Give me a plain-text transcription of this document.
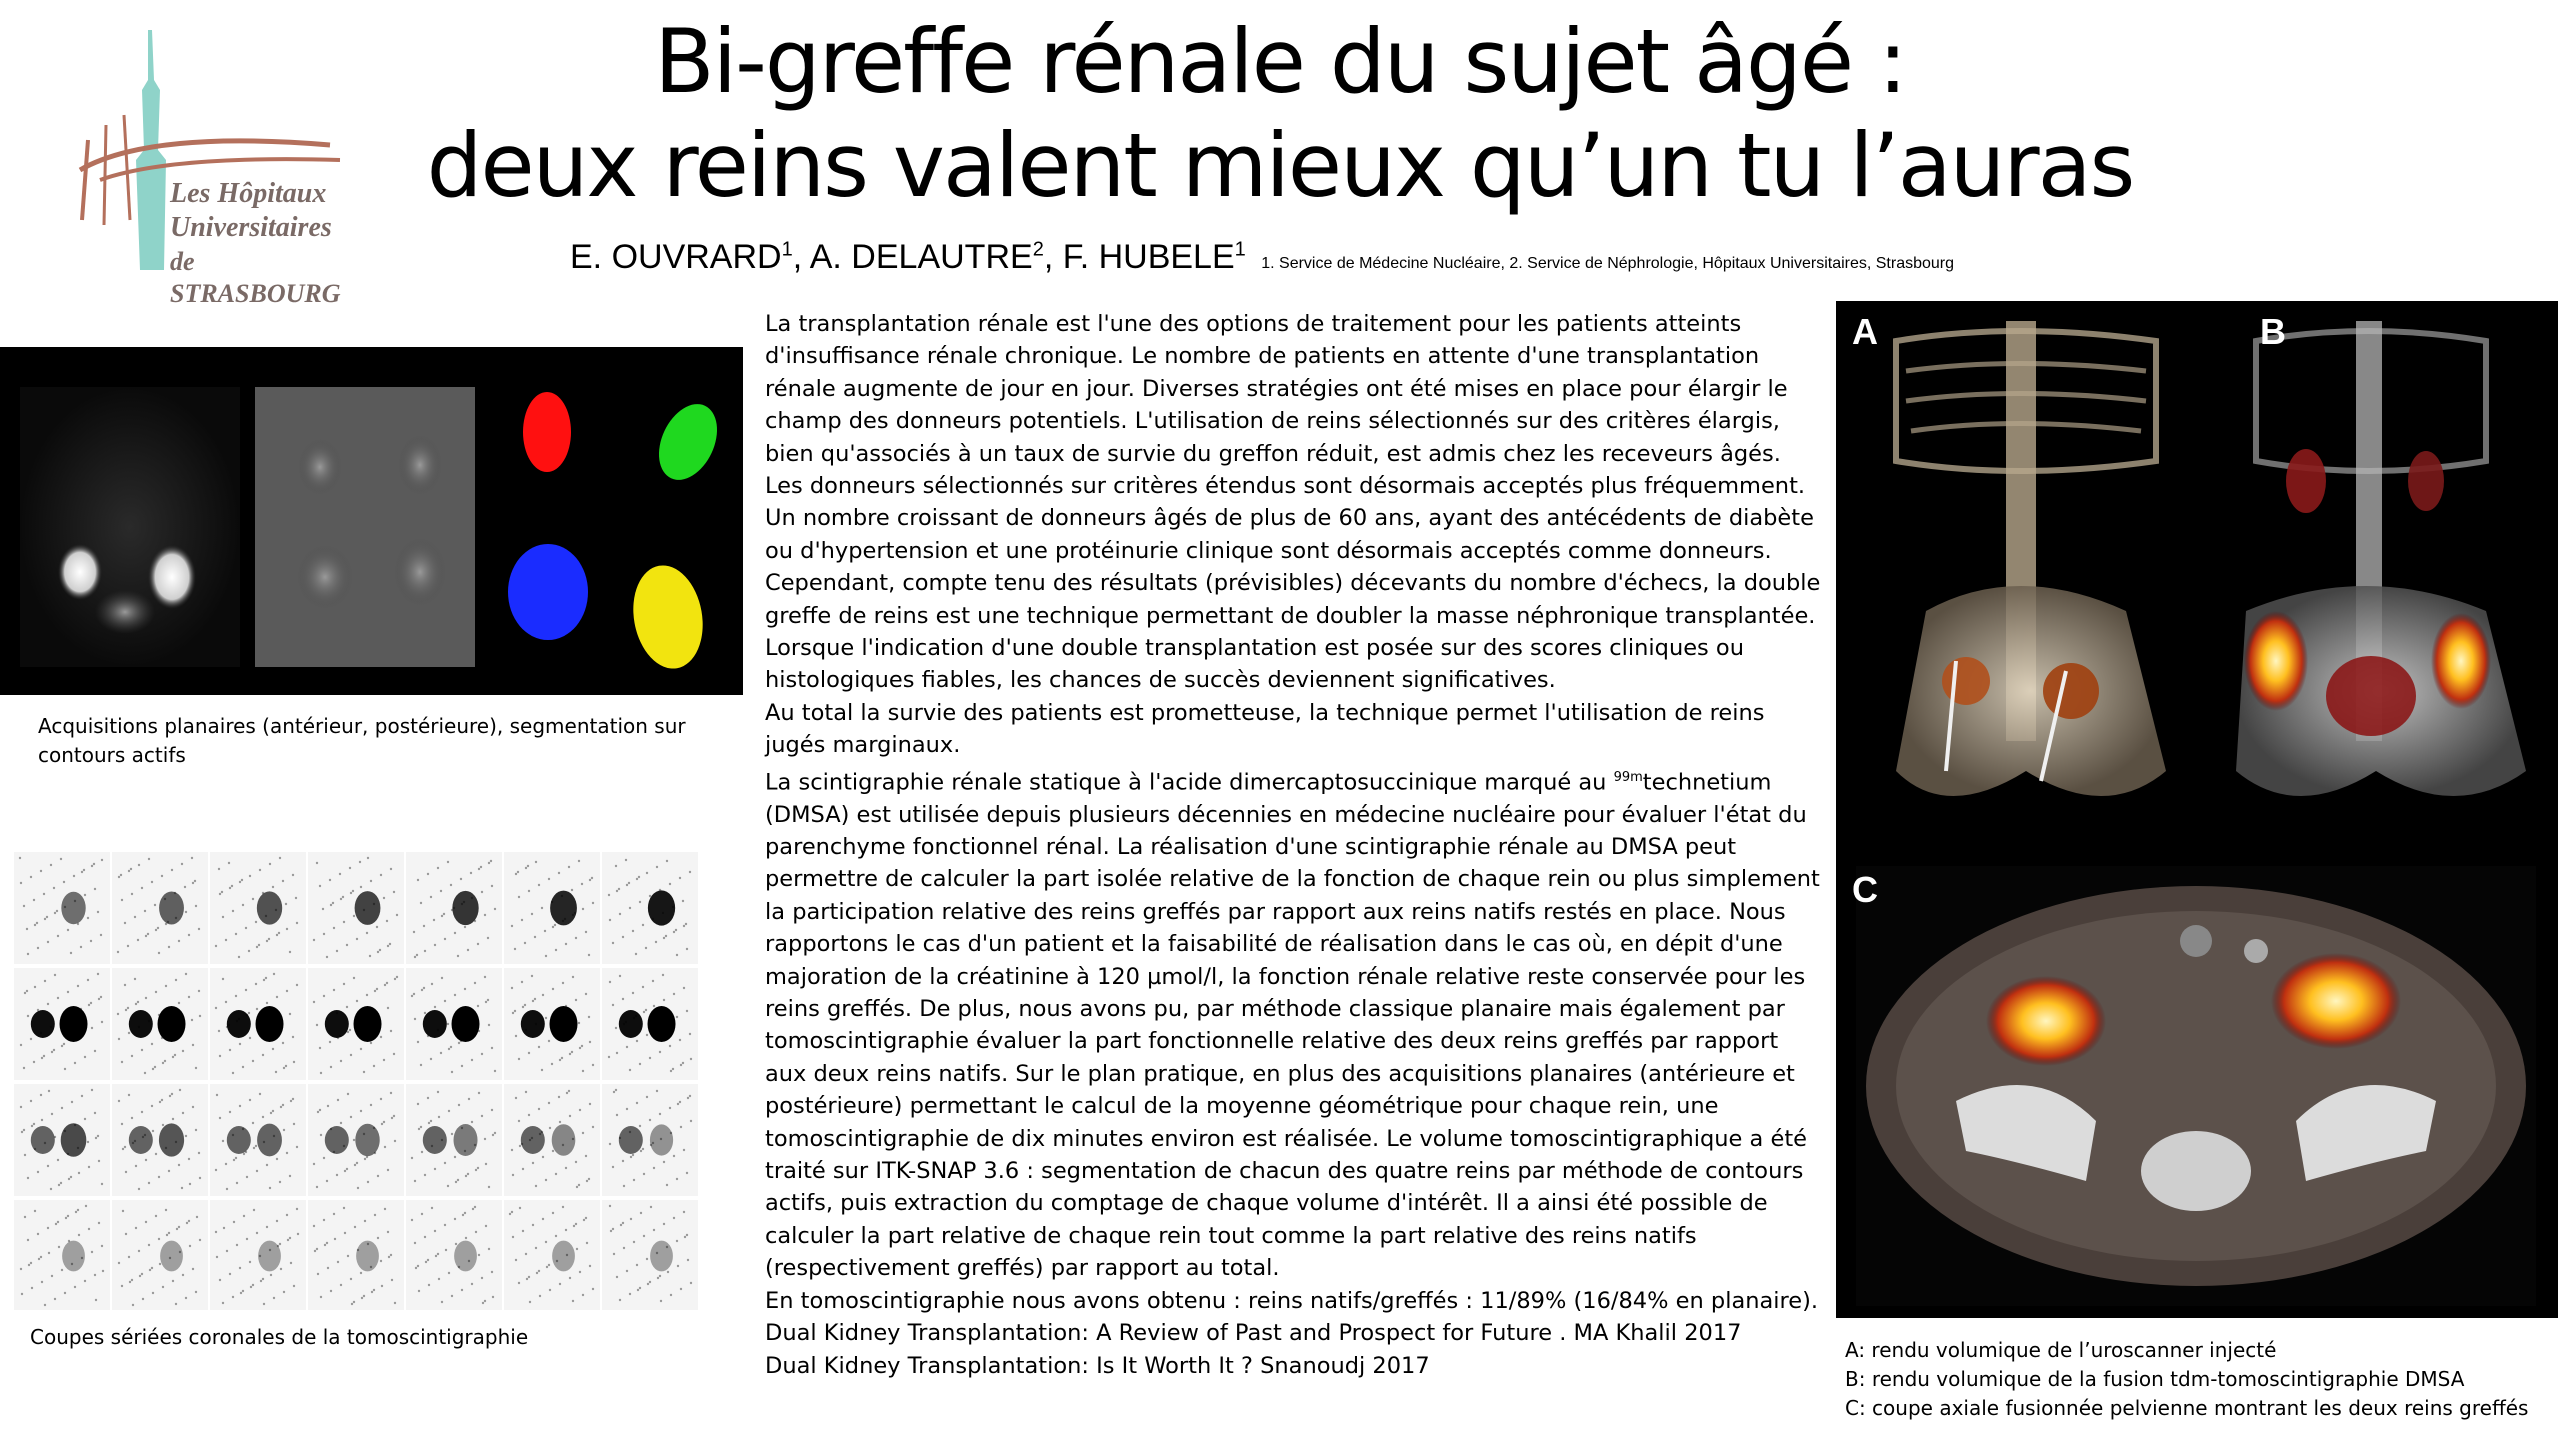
Les Hôpitaux
Universitaires
de STRASBOURG
Bi-greffe rénale du sujet âgé :
deux reins valent mieux qu’un tu l’auras
E. OUVRARD$^1$, A. DELAUTRE$^2$, F. HUBELE$^1$ 1. Service de Médecine Nucléaire, 2. Service de Néphrologie, Hôpitaux Universitaires, Strasbourg
Acquisitions planaires (antérieur, postérieure), segmentation sur contours actifs
Coupes sériées coronales de la tomoscintigraphie

La transplantation rénale est l'une des options de traitement pour les patients atteints d'insuffisance rénale chronique. Le nombre de patients en attente d'une transplantation rénale augmente de jour en jour. Diverses stratégies ont été mises en place pour élargir le champ des donneurs potentiels. L'utilisation de reins sélectionnés sur des critères élargis, bien qu'associés à un taux de survie du greffon réduit, est admis chez les receveurs âgés. Les donneurs sélectionnés sur critères étendus sont désormais acceptés plus fréquemment. Un nombre croissant de donneurs âgés de plus de 60 ans, ayant des antécédents de diabète ou d'hypertension et une protéinurie clinique sont désormais acceptés comme donneurs.

Cependant, compte tenu des résultats (prévisibles) décevants du nombre d'échecs, la double greffe de reins est une technique permettant de doubler la masse néphronique transplantée. Lorsque l'indication d'une double transplantation est posée sur des scores cliniques ou histologiques fiables, les chances de succès deviennent significatives.

Au total la survie des patients est prometteuse, la technique permet l'utilisation de reins jugés marginaux.

La scintigraphie rénale statique à l'acide dimercaptosuccinique marqué au $^{99m}$technetium (DMSA) est utilisée depuis plusieurs décennies en médecine nucléaire pour évaluer l'état du parenchyme fonctionnel rénal. La réalisation d'une scintigraphie rénale au DMSA peut permettre de calculer la part isolée relative de la fonction de chaque rein ou plus simplement la participation relative des reins greffés par rapport aux reins natifs restés en place. Nous rapportons le cas d'un patient et la faisabilité de réalisation dans le cas où, en dépit d'une majoration de la créatinine à 120 µmol/l, la fonction rénale relative reste conservée pour les reins greffés. De plus, nous avons pu, par méthode classique planaire mais également par tomoscintigraphie évaluer la part fonctionnelle relative des deux reins greffés par rapport aux deux reins natifs. Sur le plan pratique, en plus des acquisitions planaires (antérieure et postérieure) permettant le calcul de la moyenne géométrique pour chaque rein, une tomoscintigraphie de dix minutes environ est réalisée. Le volume tomoscintigraphique a été traité sur ITK-SNAP 3.6 : segmentation de chacun des quatre reins par méthode de contours actifs, puis extraction du comptage de chaque volume d'intérêt. Il a ainsi été possible de calculer la part relative de chaque rein tout comme la part relative des reins natifs (respectivement greffés) par rapport au total.

En tomoscintigraphie nous avons obtenu : reins natifs/greffés : 11/89% (16/84% en planaire).

Dual Kidney Transplantation: A Review of Past and Prospect for Future . MA Khalil 2017

Dual Kidney Transplantation: Is It Worth It ? Snanoudj 2017

A	B
C
A: rendu volumique de l’uroscanner injecté
B: rendu volumique de la fusion tdm-tomoscintigraphie DMSA
C: coupe axiale fusionnée pelvienne montrant les deux reins greffés
